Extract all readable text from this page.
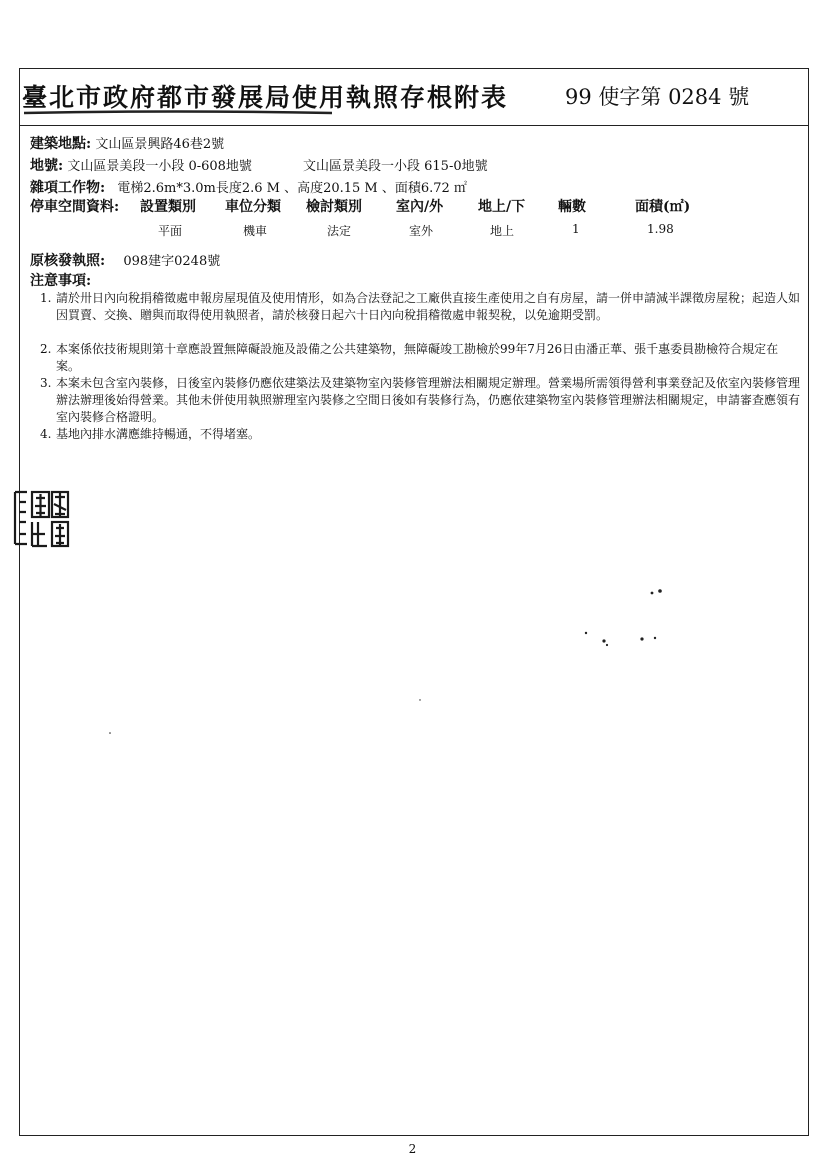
臺北市政府都市發展局使用執照存根附表	99 使字第 0284 號
建築地點: 文山區景興路46巷2號
地號: 文山區景美段一小段 0-608地號	文山區景美段一小段 615-0地號
雜項工作物: 電梯2.6m*3.0m長度2.6 M 、高度20.15 M 、面積6.72 ㎡
停車空間資料: 設置類別 車位分類 檢討類別 室內/外 地上/下 輛數	面積(㎡)
平面	機車	法定	室外	地上	1	1.98
原核發執照: 098建字0248號
注意事項:
1. 請於卅日內向稅捐稽徵處申報房屋現值及使用情形，如為合法登記之工廠供直接生產使用之自有房屋，請一併申請減半課徵房屋稅；起造人如因買賣、交換、贈與而取得使用執照者，請於核發日起六十日內向稅捐稽徵處申報契稅，以免逾期受罰。
2. 本案係依技術規則第十章應設置無障礙設施及設備之公共建築物，無障礙竣工勘檢於99年7月26日由潘正華、張千惠委員勘檢符合規定在案。
3. 本案未包含室內裝修，日後室內裝修仍應依建築法及建築物室內裝修管理辦法相關規定辦理。營業場所需領得營利事業登記及依室內裝修管理辦法辦理後始得營業。其他未併使用執照辦理室內裝修之空間日後如有裝修行為，仍應依建築物室內裝修管理辦法相關規定，申請審查應領有室內裝修合格證明。
4. 基地內排水溝應維持暢通，不得堵塞。
2
